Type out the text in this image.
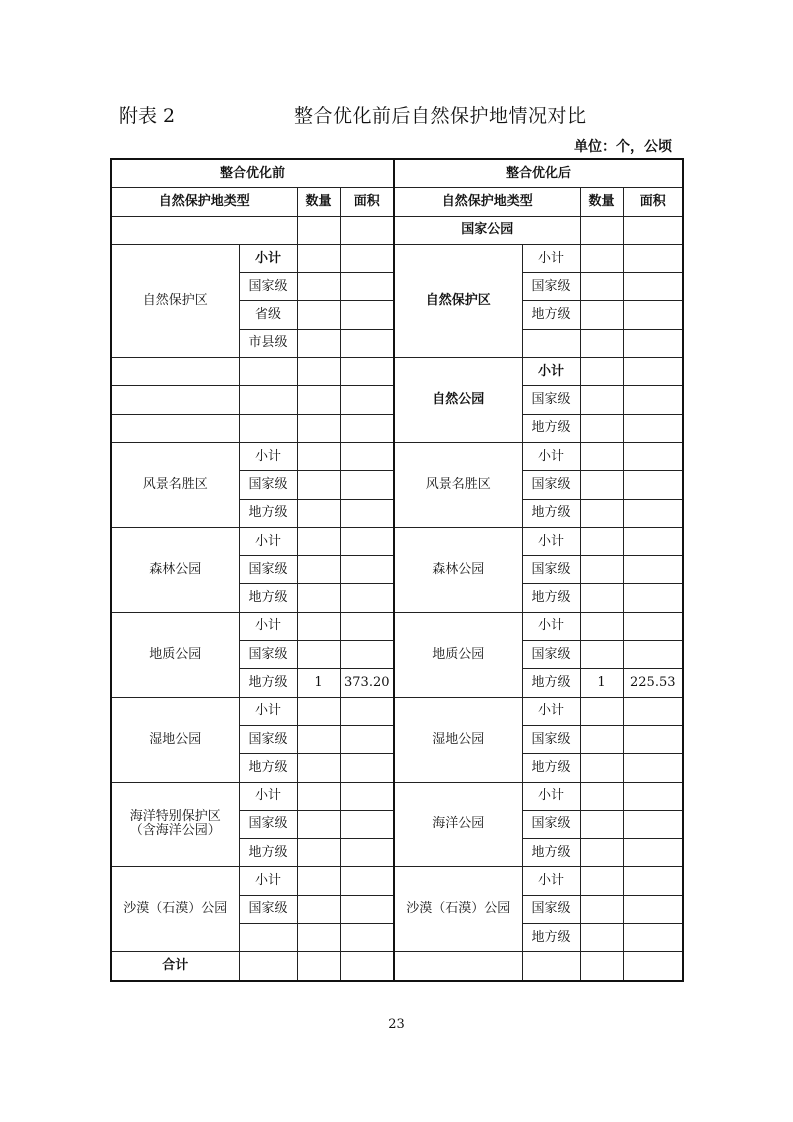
附表 2	整合优化前后自然保护地情况对比
单位：个，公顷
整合优化前				整合优化后			
自然保护地类型		数量	面积	自然保护地类型		数量	面积
				国家公园			
自然保护区	小计			自然保护区	小计		
	国家级				国家级		
	省级				地方级		
	市县级						
				自然公园	小计		
					国家级		
					地方级		
风景名胜区	小计			风景名胜区	小计		
	国家级				国家级		
	地方级				地方级		
森林公园	小计			森林公园	小计		
	国家级				国家级		
	地方级				地方级		
地质公园	小计			地质公园	小计		
	国家级				国家级		
	地方级	1	373.20		地方级	1	225.53
湿地公园	小计			湿地公园	小计		
	国家级				国家级		
	地方级				地方级		
海洋特别保护区
（含海洋公园）	小计			海洋公园	小计		
	国家级				国家级		
	地方级				地方级		
沙漠（石漠）公园	小计			沙漠（石漠）公园	小计		
	国家级				国家级		
					地方级		
合计							
23
